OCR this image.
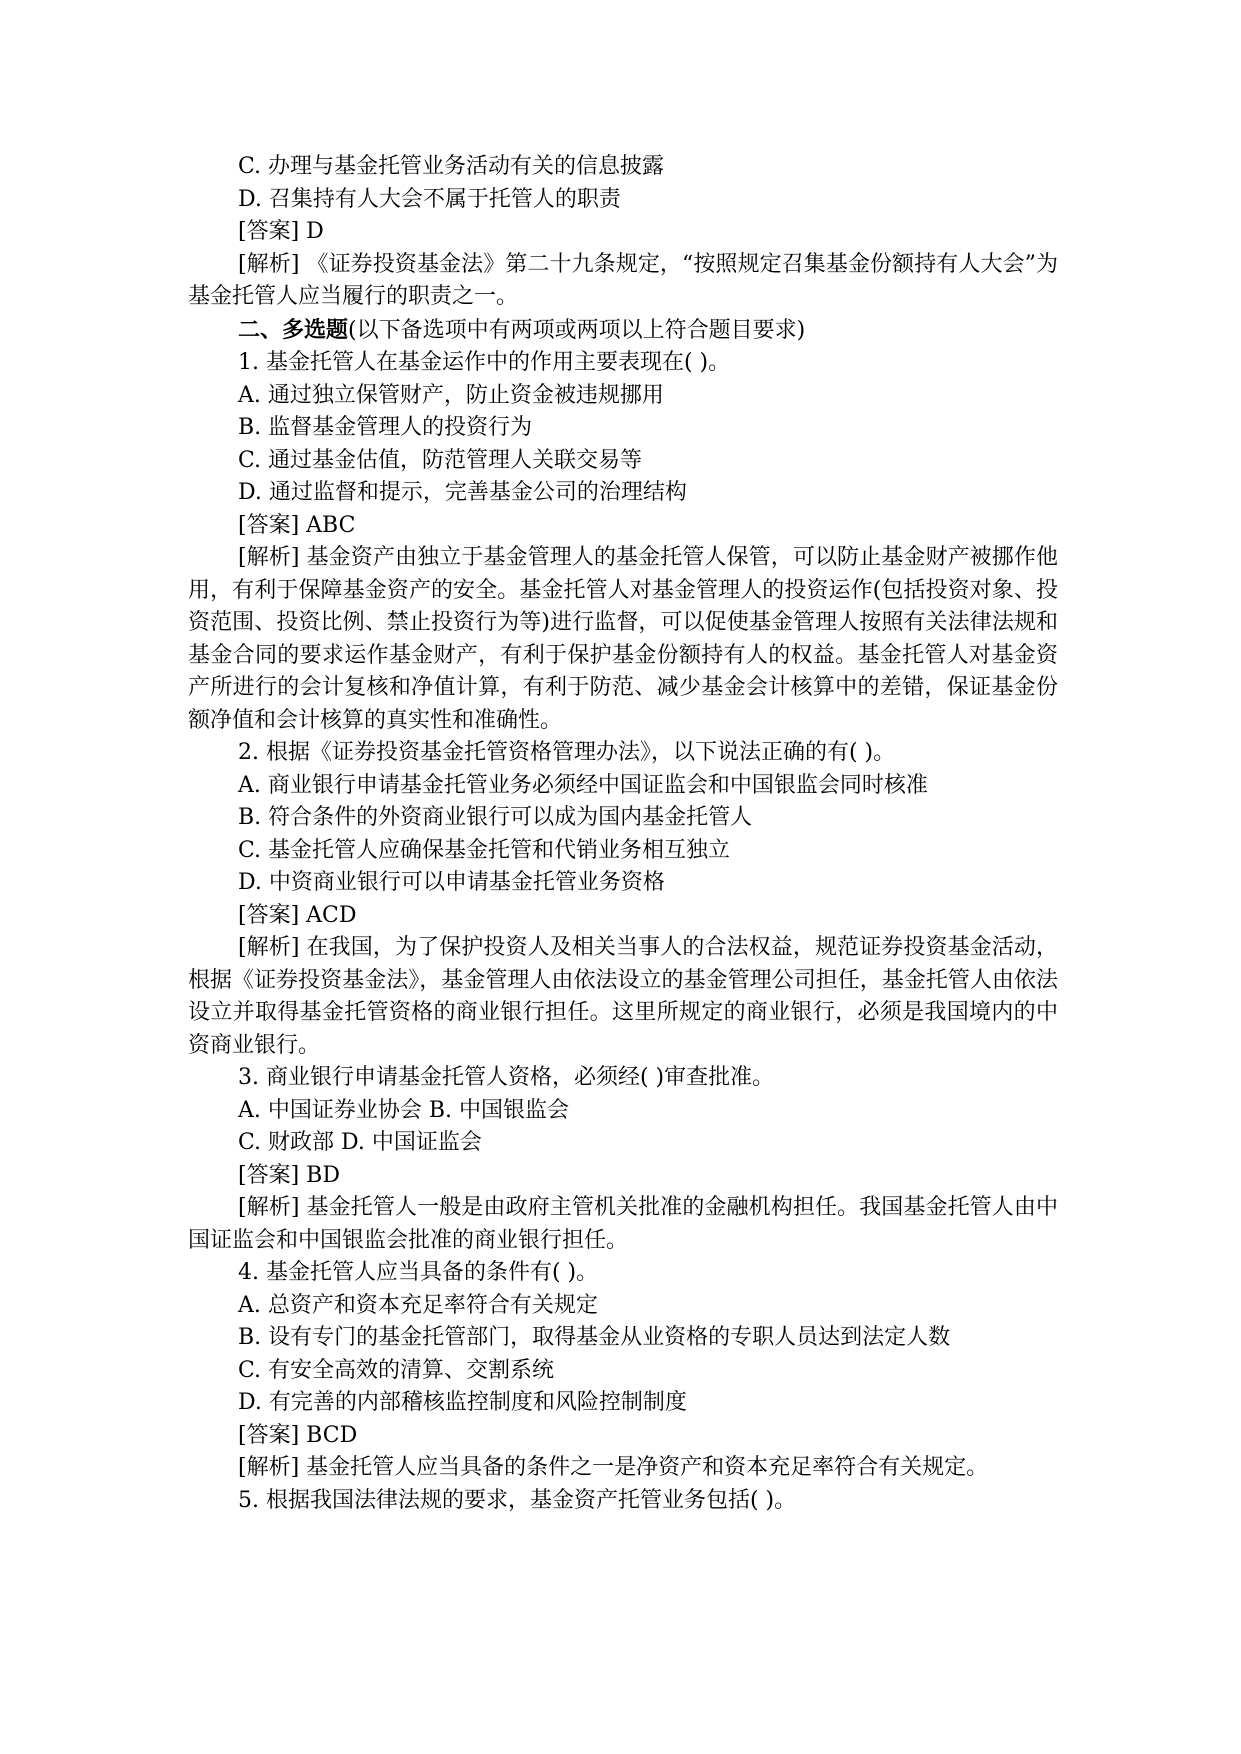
C. 办理与基金托管业务活动有关的信息披露

D. 召集持有人大会不属于托管人的职责

[答案] D

[解析] 《证券投资基金法》第二十九条规定，“按照规定召集基金份额持有人大会”为基金托管人应当履行的职责之一。

二、多选题(以下备选项中有两项或两项以上符合题目要求)

1. 基金托管人在基金运作中的作用主要表现在( )。

A. 通过独立保管财产，防止资金被违规挪用

B. 监督基金管理人的投资行为

C. 通过基金估值，防范管理人关联交易等

D. 通过监督和提示，完善基金公司的治理结构

[答案] ABC

[解析] 基金资产由独立于基金管理人的基金托管人保管，可以防止基金财产被挪作他用，有利于保障基金资产的安全。基金托管人对基金管理人的投资运作(包括投资对象、投资范围、投资比例、禁止投资行为等)进行监督，可以促使基金管理人按照有关法律法规和基金合同的要求运作基金财产，有利于保护基金份额持有人的权益。基金托管人对基金资产所进行的会计复核和净值计算，有利于防范、减少基金会计核算中的差错，保证基金份额净值和会计核算的真实性和准确性。

2. 根据《证券投资基金托管资格管理办法》，以下说法正确的有( )。

A. 商业银行申请基金托管业务必须经中国证监会和中国银监会同时核准

B. 符合条件的外资商业银行可以成为国内基金托管人

C. 基金托管人应确保基金托管和代销业务相互独立

D. 中资商业银行可以申请基金托管业务资格

[答案] ACD

[解析] 在我国，为了保护投资人及相关当事人的合法权益，规范证券投资基金活动，根据《证券投资基金法》，基金管理人由依法设立的基金管理公司担任，基金托管人由依法设立并取得基金托管资格的商业银行担任。这里所规定的商业银行，必须是我国境内的中资商业银行。

3. 商业银行申请基金托管人资格，必须经( )审查批准。

A. 中国证券业协会 B. 中国银监会

C. 财政部 D. 中国证监会

[答案] BD

[解析] 基金托管人一般是由政府主管机关批准的金融机构担任。我国基金托管人由中国证监会和中国银监会批准的商业银行担任。

4. 基金托管人应当具备的条件有( )。

A. 总资产和资本充足率符合有关规定

B. 设有专门的基金托管部门，取得基金从业资格的专职人员达到法定人数

C. 有安全高效的清算、交割系统

D. 有完善的内部稽核监控制度和风险控制制度

[答案] BCD

[解析] 基金托管人应当具备的条件之一是净资产和资本充足率符合有关规定。

5. 根据我国法律法规的要求，基金资产托管业务包括( )。
